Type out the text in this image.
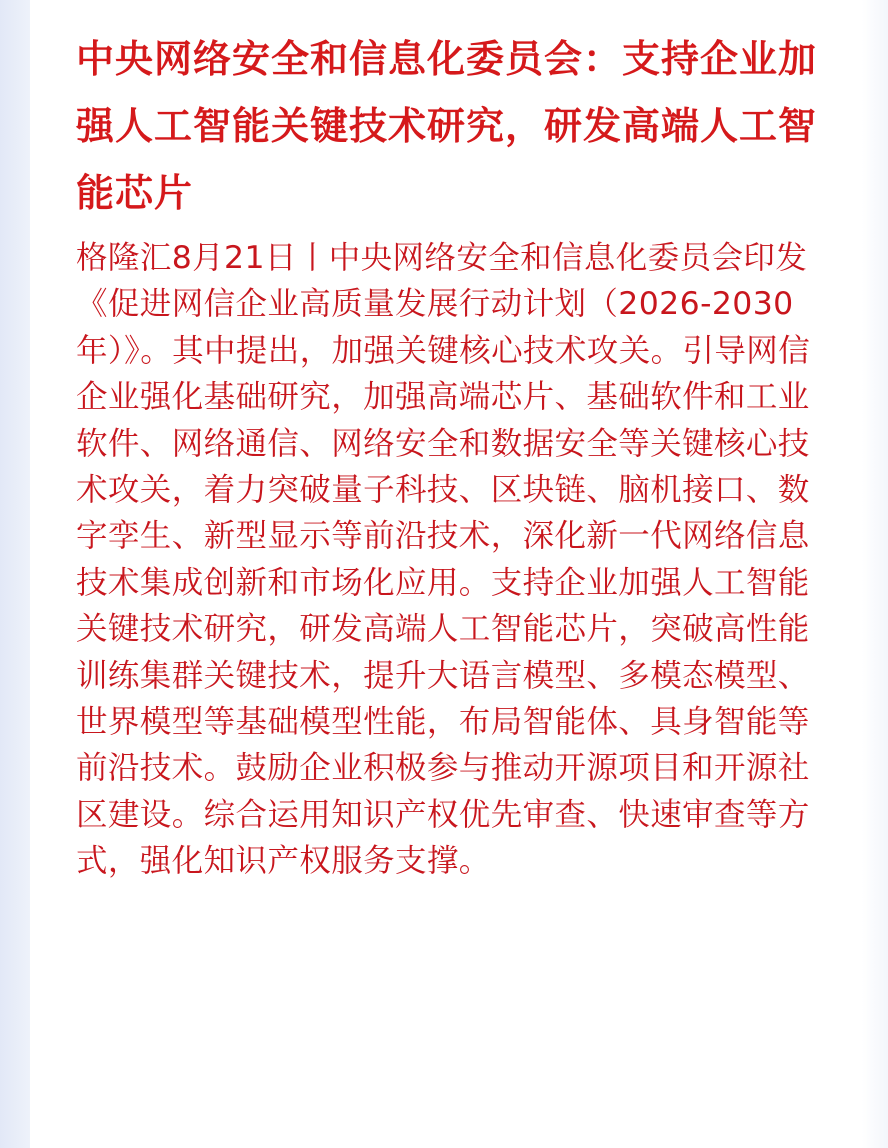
中央网络安全和信息化委员会：支持企业加强人工智能关键技术研究，研发高端人工智能芯片

格隆汇8月21日丨中央网络安全和信息化委员会印发《促进网信企业高质量发展行动计划（2026-2030年）》。其中提出，加强关键核心技术攻关。引导网信企业强化基础研究，加强高端芯片、基础软件和工业软件、网络通信、网络安全和数据安全等关键核心技术攻关，着力突破量子科技、区块链、脑机接口、数字孪生、新型显示等前沿技术，深化新一代网络信息技术集成创新和市场化应用。支持企业加强人工智能关键技术研究，研发高端人工智能芯片，突破高性能训练集群关键技术，提升大语言模型、多模态模型、世界模型等基础模型性能，布局智能体、具身智能等前沿技术。鼓励企业积极参与推动开源项目和开源社区建设。综合运用知识产权优先审查、快速审查等方式，强化知识产权服务支撑。
